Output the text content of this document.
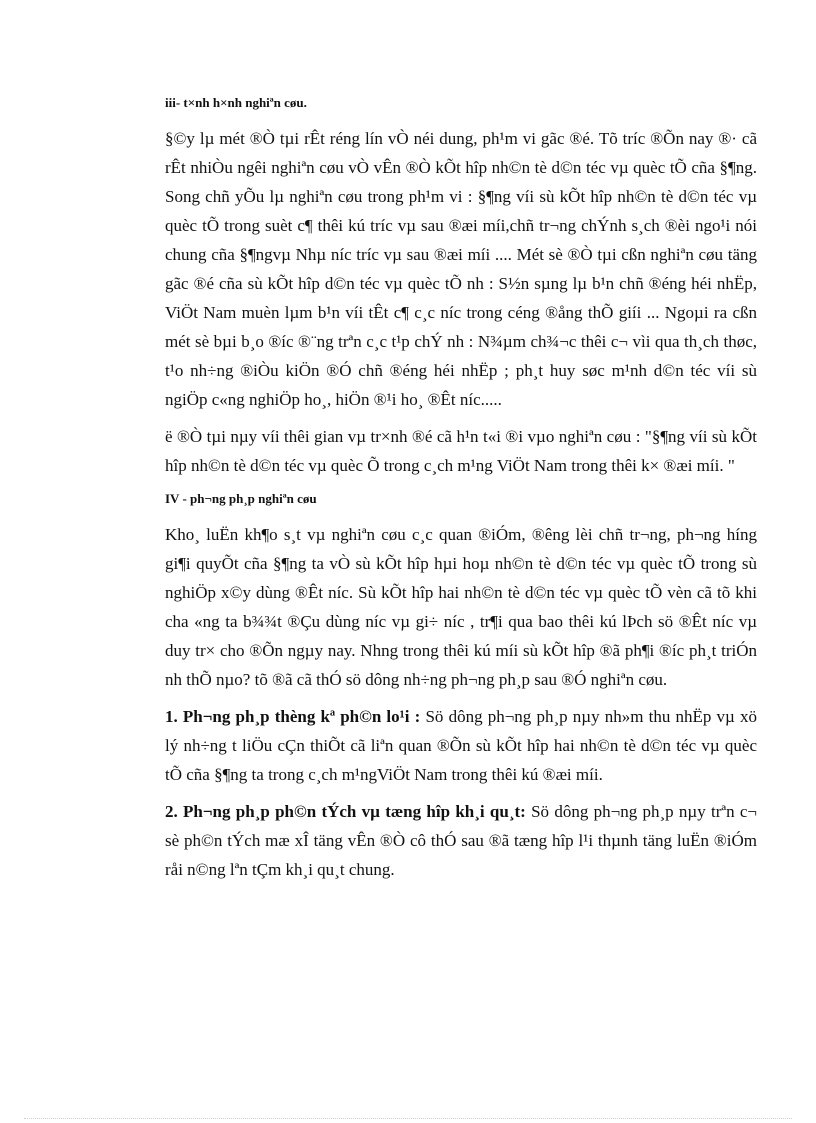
iii- t×nh h×nh nghiªn cøu.

§©y lµ mét ®Ò tµi rÊt réng lín vÒ néi dung, ph¹m vi gãc ®é. Tõ tríc ®Õn nay ®· cã rÊt nhiÒu ngêi nghiªn cøu vÒ vÊn ®Ò kÕt hîp nh©n tè d©n téc vµ quèc tÕ cña §¶ng. Song chñ yÕu lµ nghiªn cøu trong ph¹m vi : §¶ng víi sù kÕt hîp nh©n tè d©n téc vµ quèc tÕ trong suèt c¶ thêi kú tríc vµ sau ®æi míi,chñ tr¬ng chÝnh s¸ch ®èi ngo¹i nói chung cña §¶ngvµ Nhµ níc tríc vµ sau ®æi míi .... Mét sè ®Ò tµi cßn nghiªn cøu täng gãc ®é cña sù kÕt hîp d©n téc vµ quèc tÕ nh : S½n sµng lµ b¹n chñ ®éng héi nhËp, ViÖt Nam muèn lµm b¹n víi tÊt c¶ c¸c níc trong céng ®ång thÕ giíi ... Ngoµi ra cßn mét sè bµi b¸o ®íc ®¨ng trªn c¸c t¹p chÝ nh : N¾µm ch¾¬c thêi c¬ vìi qua th¸ch thøc, t¹o nh÷ng ®iÒu kiÖn ®Ó chñ ®éng héi nhËp ; ph¸t huy søc m¹nh d©n téc víi sù ngiÖp c«ng nghiÖp ho¸, hiÖn ®¹i ho¸ ®Êt níc.....

ë ®Ò tµi nµy víi thêi gian vµ tr×nh ®é cã h¹n t«i ®i vµo nghiªn cøu : "§¶ng víi sù kÕt hîp nh©n tè d©n téc vµ quèc Õ trong c¸ch m¹ng ViÖt Nam trong thêi k× ®æi míi. "

IV - ph¬ng ph¸p nghiªn cøu

Kho¸ luËn kh¶o s¸t vµ nghiªn cøu c¸c quan ®iÓm, ®êng lèi chñ tr¬ng, ph¬ng híng gi¶i quyÕt cña §¶ng ta vÒ sù kÕt hîp hµi hoµ nh©n tè d©n téc vµ quèc tÕ trong sù nghiÖp x©y dùng ®Êt níc. Sù kÕt hîp hai nh©n tè d©n téc vµ quèc tÕ vèn cã tõ khi cha «ng ta b¾¾t ®Çu dùng níc vµ gi÷ níc , tr¶i qua bao thêi kú lÞch sö ®Êt níc vµ duy tr× cho ®Õn ngµy nay. Nhng trong thêi kú míi sù kÕt hîp ®ã ph¶i ®íc ph¸t triÓn nh thÕ nµo? tõ ®ã cã thÓ sö dông nh÷ng ph¬ng ph¸p sau ®Ó nghiªn cøu.

1. Ph¬ng ph¸p thèng kª ph©n lo¹i : Sö dông ph¬ng ph¸p nµy nh»m thu nhËp vµ xö lý nh÷ng t liÖu cÇn thiÕt cã liªn quan ®Õn sù kÕt hîp hai nh©n tè d©n téc vµ quèc tÕ cña §¶ng ta trong c¸ch m¹ngViÖt Nam trong thêi kú ®æi míi.

2. Ph¬ng ph¸p ph©n tÝch vµ tæng hîp kh¸i qu¸t: Sö dông ph¬ng ph¸p nµy trªn c¬ sè ph©n tÝch mæ xÎ täng vÊn ®Ò cô thÓ sau ®ã tæng hîp l¹i thµnh täng luËn ®iÓm råi n©ng lªn tÇm kh¸i qu¸t chung.
